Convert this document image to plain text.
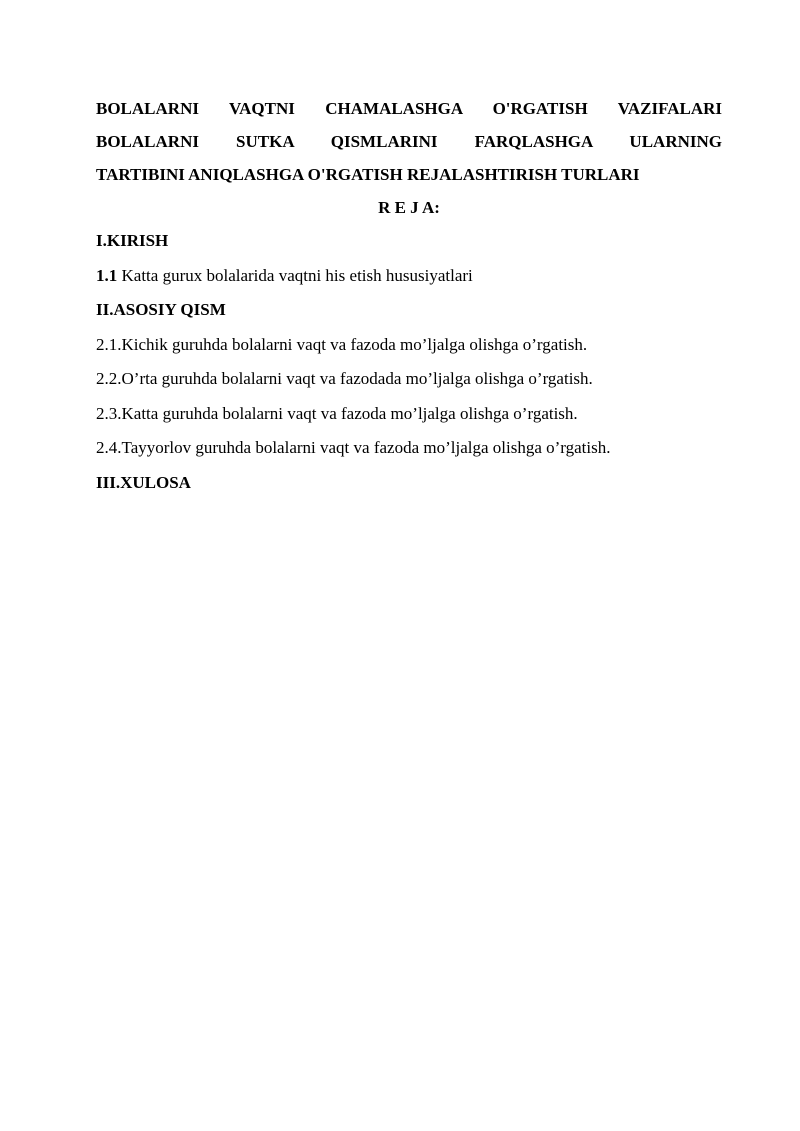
BOLALARNI VAQTNI CHAMALASHGA O'RGATISH VAZIFALARI
BOLALARNI SUTKA QISMLARINI FARQLASHGA ULARNING
TARTIBINI ANIQLASHGA O'RGATISH REJALASHTIRISH TURLARI

R E J A:

I.KIRISH

1.1 Katta gurux bolalarida vaqtni his etish hususiyatlari

II.ASOSIY QISM

2.1.Kichik guruhda bolalarni vaqt va fazoda mo’ljalga olishga o’rgatish.

2.2.O’rta guruhda bolalarni vaqt va fazodada mo’ljalga olishga o’rgatish.

2.3.Katta guruhda bolalarni vaqt va fazoda mo’ljalga olishga o’rgatish.

2.4.Tayyorlov guruhda bolalarni vaqt va fazoda mo’ljalga olishga o’rgatish.

III.XULOSA
